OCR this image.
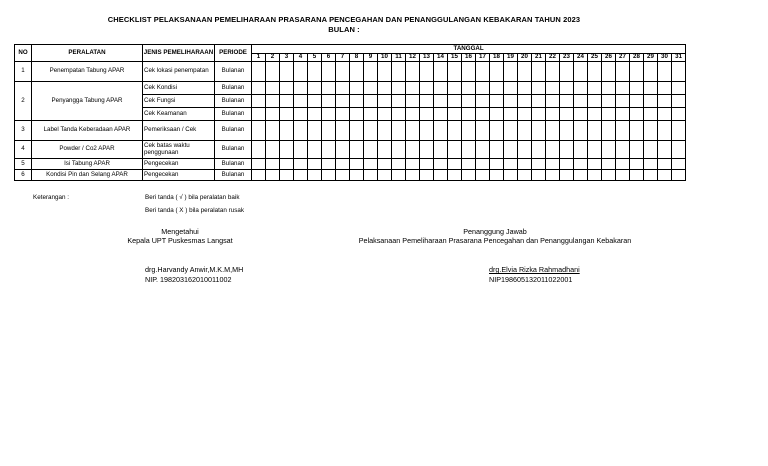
CHECKLIST PELAKSANAAN PEMELIHARAAN PRASARANA PENCEGAHAN DAN PENANGGULANGAN KEBAKARAN TAHUN 2023
BULAN :
NO	PERALATAN	JENIS PEMELIHARAAN	PERIODE	TANGGAL																														
				1	2	3	4	5	6	7	8	9	10	11	12	13	14	15	16	17	18	19	20	21	22	23	24	25	26	27	28	29	30	31
1	Penempatan Tabung APAR	Cek lokasi penempatan	Bulanan																															
2	Penyangga Tabung APAR	Cek Kondisi	Bulanan																															
		Cek Fungsi	Bulanan																															
		Cek Keamanan	Bulanan																															
3	Label Tanda Keberadaan APAR	Pemeriksaan / Cek	Bulanan																															
4	Powder / Co2 APAR	Cek batas waktu penggunaan	Bulanan																															
5	Isi Tabung APAR	Pengecekan	Bulanan																															
6	Kondisi Pin dan Selang APAR	Pengecekan	Bulanan																															
Keterangan :	Beri tanda ( √ ) bila peralatan baik
Beri tanda ( X ) bila peralatan rusak
Mengetahui
Kepala UPT Puskesmas Langsat
drg.Harvandy Anwir,M.K.M,MH
NIP. 198203162010011002
Penanggung Jawab
Pelaksanaan Pemeliharaan Prasarana Pencegahan dan Penanggulangan Kebakaran
drg.Elvia Rizka Rahmadhani
NIP198605132011022001
